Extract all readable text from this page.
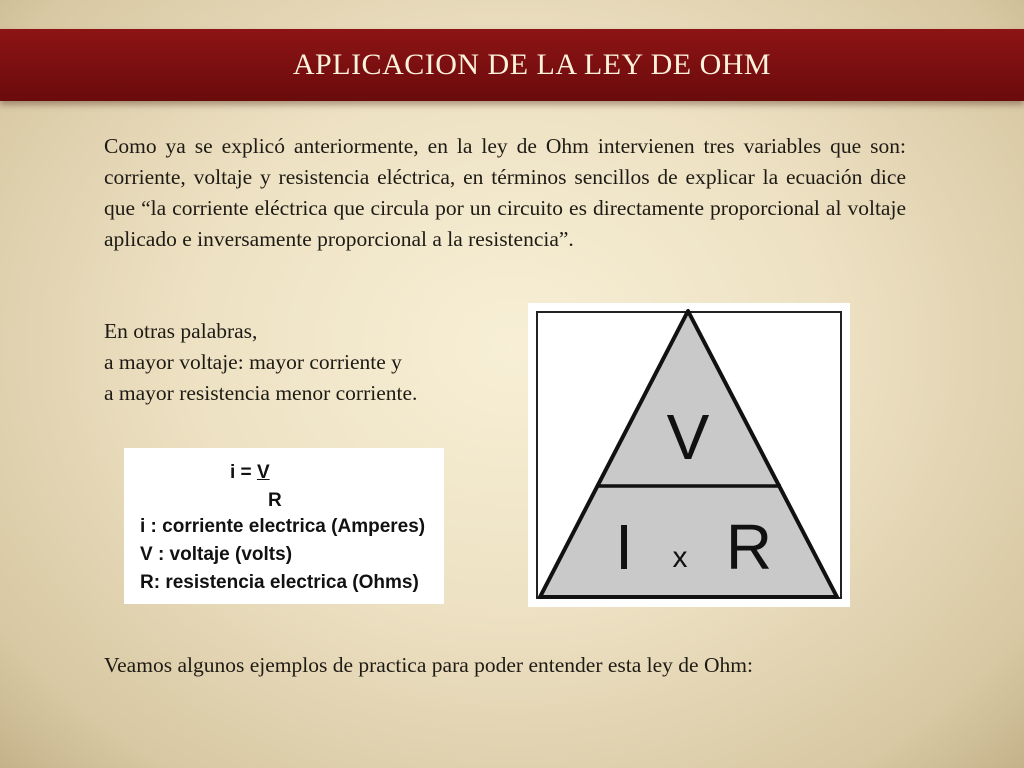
APLICACION DE LA LEY DE OHM

Como ya se explicó anteriormente, en la ley de Ohm intervienen tres variables que son: corriente, voltaje y resistencia eléctrica, en términos sencillos de explicar la ecuación dice que “la corriente eléctrica que circula por un circuito es directamente proporcional al voltaje aplicado e inversamente proporcional a la resistencia”.

En otras palabras,
a mayor voltaje: mayor corriente y
a mayor resistencia menor corriente.
i = V
R
i : corriente electrica (Amperes)
V : voltaje (volts)
R: resistencia electrica (Ohms)
V
I x R
Veamos algunos ejemplos de practica para poder entender esta ley de Ohm:
